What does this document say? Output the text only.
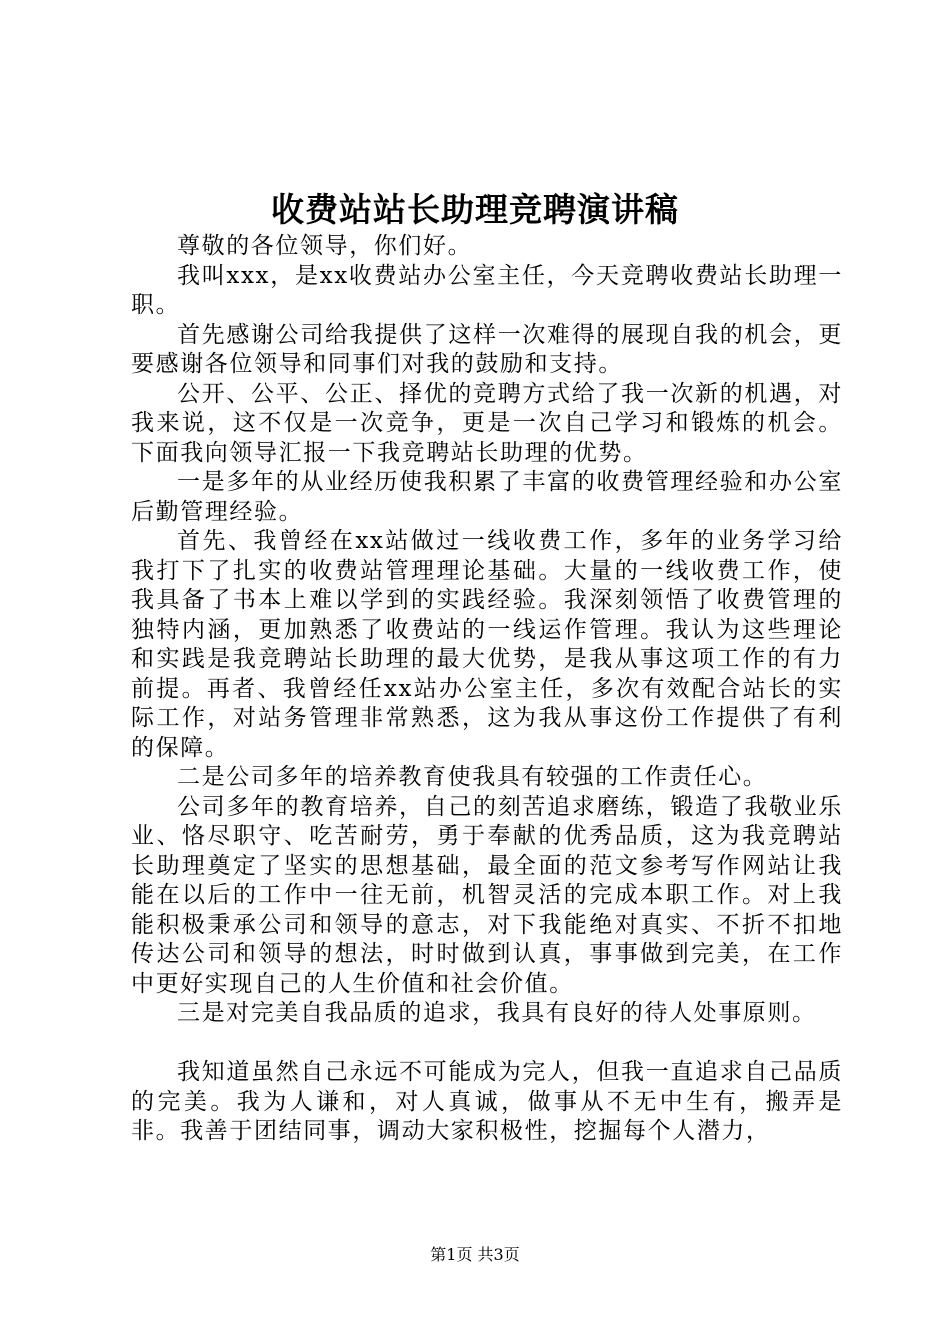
收费站站长助理竞聘演讲稿

尊敬的各位领导，你们好。

我叫xxx，是xx收费站办公室主任，今天竞聘收费站长助理一职。

首先感谢公司给我提供了这样一次难得的展现自我的机会，更要感谢各位领导和同事们对我的鼓励和支持。

公开、公平、公正、择优的竞聘方式给了我一次新的机遇，对我来说，这不仅是一次竞争，更是一次自己学习和锻炼的机会。下面我向领导汇报一下我竞聘站长助理的优势。

一是多年的从业经历使我积累了丰富的收费管理经验和办公室后勤管理经验。

首先、我曾经在xx站做过一线收费工作，多年的业务学习给我打下了扎实的收费站管理理论基础。大量的一线收费工作，使我具备了书本上难以学到的实践经验。我深刻领悟了收费管理的独特内涵，更加熟悉了收费站的一线运作管理。我认为这些理论和实践是我竞聘站长助理的最大优势，是我从事这项工作的有力前提。再者、我曾经任xx站办公室主任，多次有效配合站长的实际工作，对站务管理非常熟悉，这为我从事这份工作提供了有利的保障。

二是公司多年的培养教育使我具有较强的工作责任心。

公司多年的教育培养，自己的刻苦追求磨练，锻造了我敬业乐业、恪尽职守、吃苦耐劳，勇于奉献的优秀品质，这为我竞聘站长助理奠定了坚实的思想基础，最全面的范文参考写作网站让我能在以后的工作中一往无前，机智灵活的完成本职工作。对上我能积极秉承公司和领导的意志，对下我能绝对真实、不折不扣地传达公司和领导的想法，时时做到认真，事事做到完美，在工作中更好实现自己的人生价值和社会价值。

三是对完美自我品质的追求，我具有良好的待人处事原则。

我知道虽然自己永远不可能成为完人，但我一直追求自己品质的完美。我为人谦和，对人真诚，做事从不无中生有，搬弄是非。我善于团结同事，调动大家积极性，挖掘每个人潜力，

第1页 共3页
